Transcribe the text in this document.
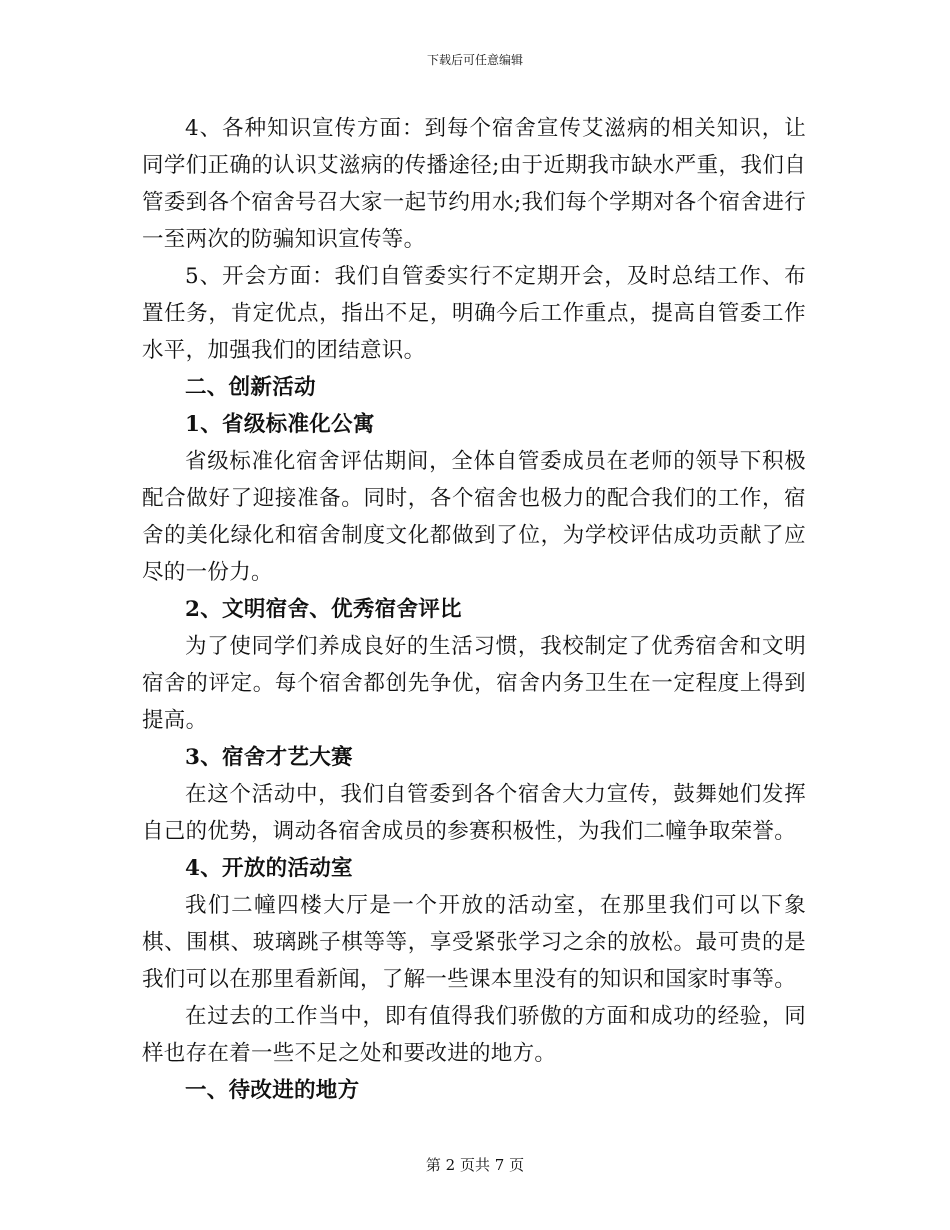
下载后可任意编辑

4、各种知识宣传方面：到每个宿舍宣传艾滋病的相关知识，让同学们正确的认识艾滋病的传播途径;由于近期我市缺水严重，我们自管委到各个宿舍号召大家一起节约用水;我们每个学期对各个宿舍进行一至两次的防骗知识宣传等。

5、开会方面：我们自管委实行不定期开会，及时总结工作、布置任务，肯定优点，指出不足，明确今后工作重点，提高自管委工作水平，加强我们的团结意识。

二、创新活动

1、省级标准化公寓

省级标准化宿舍评估期间，全体自管委成员在老师的领导下积极配合做好了迎接准备。同时，各个宿舍也极力的配合我们的工作，宿舍的美化绿化和宿舍制度文化都做到了位，为学校评估成功贡献了应尽的一份力。

2、文明宿舍、优秀宿舍评比

为了使同学们养成良好的生活习惯，我校制定了优秀宿舍和文明宿舍的评定。每个宿舍都创先争优，宿舍内务卫生在一定程度上得到提高。

3、宿舍才艺大赛

在这个活动中，我们自管委到各个宿舍大力宣传，鼓舞她们发挥自己的优势，调动各宿舍成员的参赛积极性，为我们二幢争取荣誉。

4、开放的活动室

我们二幢四楼大厅是一个开放的活动室，在那里我们可以下象棋、围棋、玻璃跳子棋等等，享受紧张学习之余的放松。最可贵的是我们可以在那里看新闻，了解一些课本里没有的知识和国家时事等。

在过去的工作当中，即有值得我们骄傲的方面和成功的经验，同样也存在着一些不足之处和要改进的地方。

一、待改进的地方

第 2 页共 7 页
